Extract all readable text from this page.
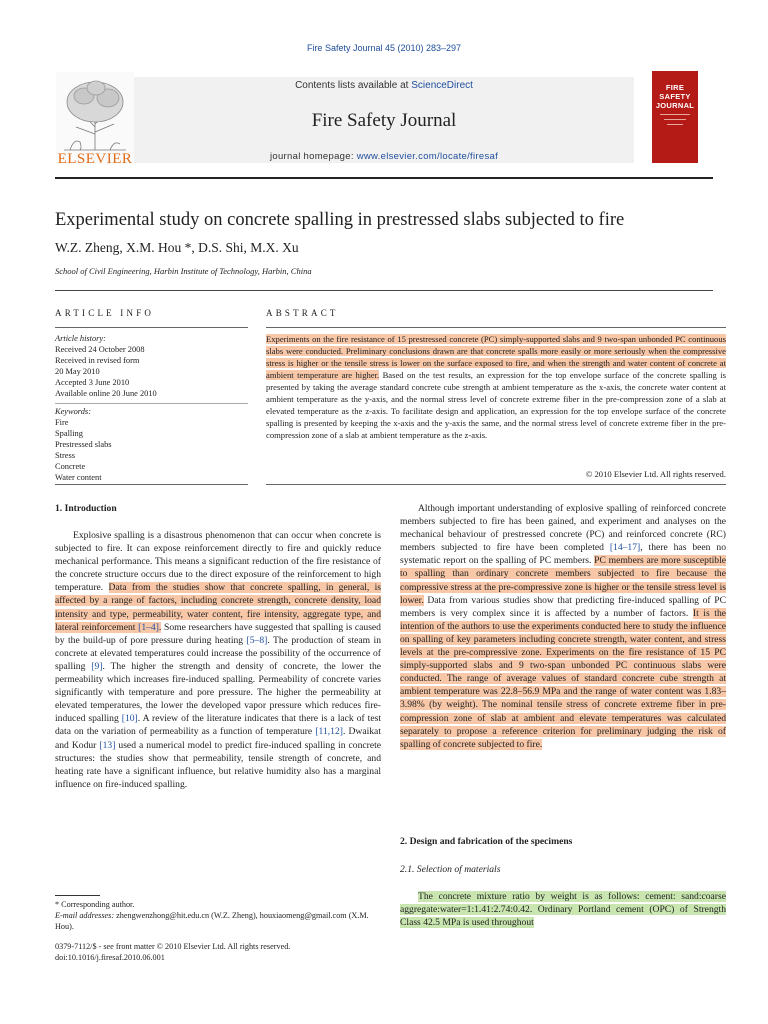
Fire Safety Journal 45 (2010) 283–297
ELSEVIER
Contents lists available at ScienceDirect
Fire Safety Journal
journal homepage: www.elsevier.com/locate/firesaf
FIRE
SAFETY
JOURNAL
Experimental study on concrete spalling in prestressed slabs subjected to fire
W.Z. Zheng, X.M. Hou *, D.S. Shi, M.X. Xu
School of Civil Engineering, Harbin Institute of Technology, Harbin, China
ARTICLE INFO	ABSTRACT
Article history:
Received 24 October 2008
Received in revised form
20 May 2010
Accepted 3 June 2010
Available online 20 June 2010
Keywords:
Fire
Spalling
Prestressed slabs
Stress
Concrete
Water content
Experiments on the fire resistance of 15 prestressed concrete (PC) simply-supported slabs and 9 two-span unbonded PC continuous slabs were conducted. Preliminary conclusions drawn are that concrete spalls more easily or more seriously when the compressive stress is higher or the tensile stress is lower on the surface exposed to fire, and when the strength and water content of concrete at ambient temperature are higher. Based on the test results, an expression for the top envelope surface of the concrete spalling is presented by taking the average standard concrete cube strength at ambient temperature as the x-axis, the concrete water content at ambient temperature as the y-axis, and the normal stress level of concrete extreme fiber in the pre-compression zone of a slab at elevated temperature as the z-axis. To facilitate design and application, an expression for the top envelope surface of the concrete spalling is presented by keeping the x-axis and the y-axis the same, and the normal stress level of concrete extreme fiber in the pre-compression zone of a slab at ambient temperature as the z-axis.
© 2010 Elsevier Ltd. All rights reserved.
1. Introduction

Explosive spalling is a disastrous phenomenon that can occur when concrete is subjected to fire. It can expose reinforcement directly to fire and quickly reduce mechanical performance. This means a significant reduction of the fire resistance of the concrete structure occurs due to the direct exposure of the reinforcement to high temperature. Data from the studies show that concrete spalling, in general, is affected by a range of factors, including concrete strength, concrete density, load intensity and type, permeability, water content, fire intensity, aggregate type, and lateral reinforcement [1–4]. Some researchers have suggested that spalling is caused by the build-up of pore pressure during heating [5–8]. The production of steam in concrete at elevated temperatures could increase the possibility of the occurrence of spalling [9]. The higher the strength and density of concrete, the lower the permeability which increases fire-induced spalling. Permeability of concrete varies significantly with temperature and pore pressure. The higher the permeability at elevated temperatures, the lower the developed vapor pressure which reduces fire-induced spalling [10]. A review of the literature indicates that there is a lack of test data on the variation of permeability as a function of temperature [11,12]. Dwaikat and Kodur [13] used a numerical model to predict fire-induced spalling in concrete structures: the studies show that permeability, tensile strength of concrete, and heating rate have a significant influence, but relative humidity also has a marginal influence on fire-induced spalling.

Although important understanding of explosive spalling of reinforced concrete members subjected to fire has been gained, and experiment and analyses on the mechanical behaviour of prestressed concrete (PC) and reinforced concrete (RC) members subjected to fire have been completed [14–17], there has been no systematic report on the spalling of PC members. PC members are more susceptible to spalling than ordinary concrete members subjected to fire because the compressive stress at the pre-compressive zone is higher or the tensile stress level is lower. Data from various studies show that predicting fire-induced spalling of PC members is very complex since it is affected by a number of factors. It is the intention of the authors to use the experiments conducted here to study the influence on spalling of key parameters including concrete strength, water content, and stress levels at the pre-compressive zone. Experiments on the fire resistance of 15 PC simply-supported slabs and 9 two-span unbonded PC continuous slabs were conducted. The range of average values of standard concrete cube strength at ambient temperature was 22.8–56.9 MPa and the range of water content was 1.83–3.98% (by weight). The nominal tensile stress of concrete extreme fiber in pre-compression zone of slab at ambient and elevate temperatures was calculated separately to propose a reference criterion for preliminary judging the risk of spalling of concrete subjected to fire.

2. Design and fabrication of the specimens
2.1. Selection of materials

The concrete mixture ratio by weight is as follows: cement: sand:coarse aggregate:water=1:1.41:2.74:0.42. Ordinary Portland cement (OPC) of Strength Class 42.5 MPa is used throughout

* Corresponding author.
E-mail addresses: zhengwenzhong@hit.edu.cn (W.Z. Zheng), houxiaomeng@gmail.com (X.M. Hou).
0379-7112/$ - see front matter © 2010 Elsevier Ltd. All rights reserved.
doi:10.1016/j.firesaf.2010.06.001
